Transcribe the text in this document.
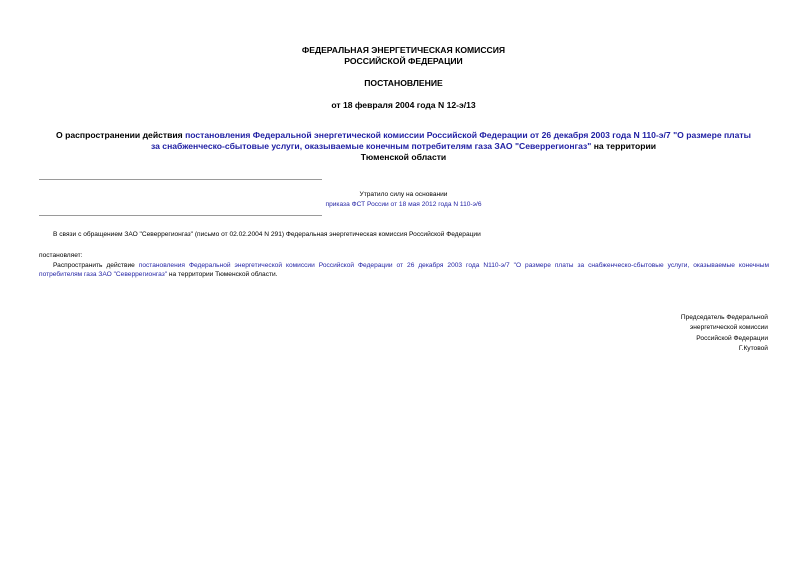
ФЕДЕРАЛЬНАЯ ЭНЕРГЕТИЧЕСКАЯ КОМИССИЯ
РОССИЙСКОЙ ФЕДЕРАЦИИ
ПОСТАНОВЛЕНИЕ
от 18 февраля 2004 года N 12-э/13
О распространении действия постановления Федеральной энергетической комиссии Российской Федерации от 26 декабря 2003 года N 110-э/7 "О размере платы
за снабженческо-сбытовые услуги, оказываемые конечным потребителям газа ЗАО "Северрегионгаз" на территории
Тюменской области
Утратило силу на основании
приказа ФСТ России от 18 мая 2012 года N 110-э/6
В связи с обращением ЗАО "Северрегионгаз" (письмо от 02.02.2004 N 291) Федеральная энергетическая комиссия Российской Федерации
постановляет:
Распространить действие постановления Федеральной энергетической комиссии Российской Федерации от 26 декабря 2003 года N110-э/7 "О размере платы за снабженческо-сбытовые услуги, оказываемые конечным потребителям газа ЗАО "Северрегионгаз" на территории Тюменской области.
Председатель Федеральной
энергетической комиссии
Российской Федерации
Г.Кутовой
